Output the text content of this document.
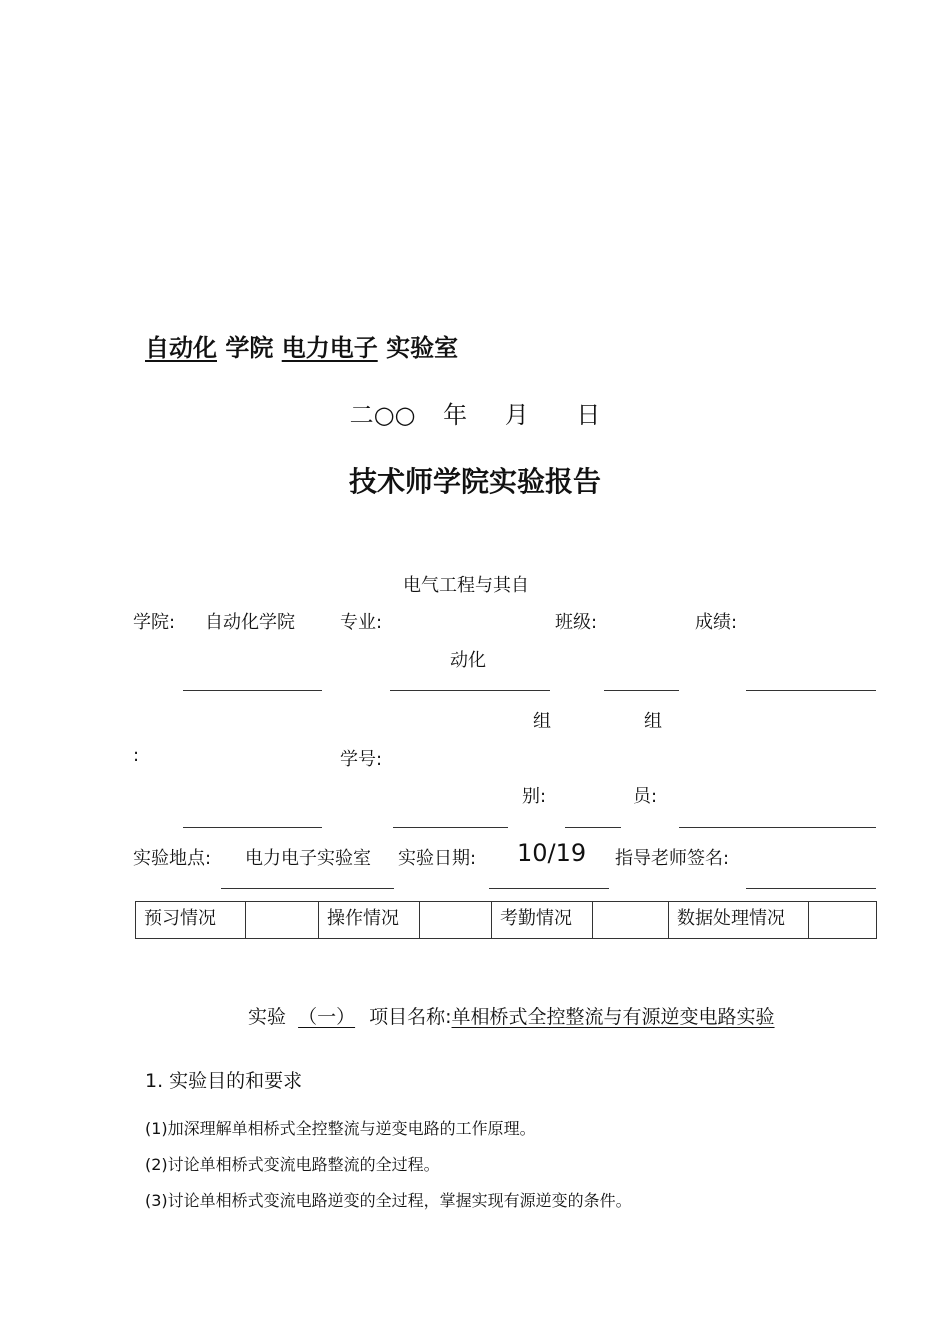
自动化 学院 电力电子 实验室
二○○ 年 月 日
技术师学院实验报告
电气工程与其自
学院: 自动化学院	专业:	班级:	成绩:
动化
组	组
:	学号:
别:	员:
实验地点: 电力电子实验室 实验日期: 10/19 指导老师签名:
预习情况		操作情况		考勤情况		数据处理情况	
实验 （一） 项目名称:单相桥式全控整流与有源逆变电路实验
1. 实验目的和要求
(1)加深理解单相桥式全控整流与逆变电路的工作原理。
(2)讨论单相桥式变流电路整流的全过程。
(3)讨论单相桥式变流电路逆变的全过程，掌握实现有源逆变的条件。
